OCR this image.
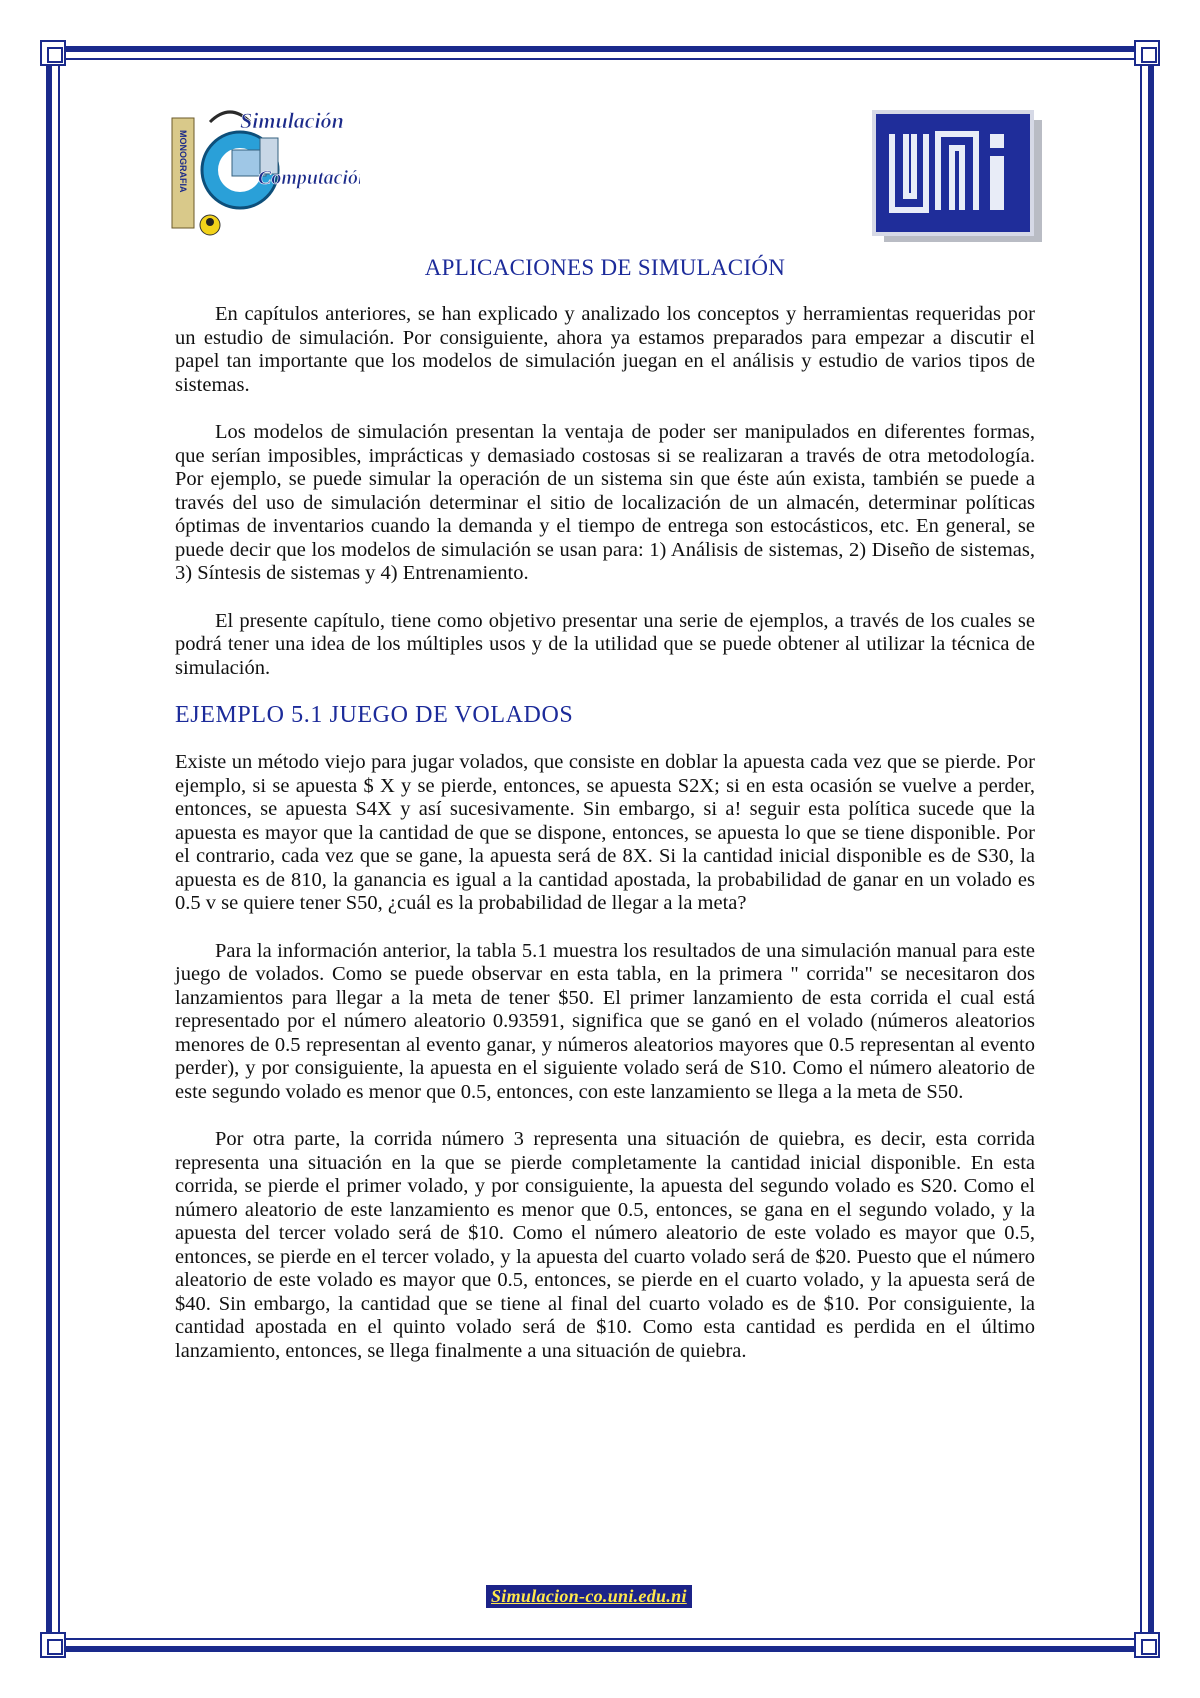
MONOGRAFIA
Simulación
Computación
APLICACIONES DE SIMULACIÓN

En capítulos anteriores, se han explicado y analizado los conceptos y herramientas requeridas por un estudio de simulación. Por consiguiente, ahora ya estamos preparados para empezar a discutir el papel tan importante que los modelos de simulación juegan en el análisis y estudio de varios tipos de sistemas.

Los modelos de simulación presentan la ventaja de poder ser manipulados en diferentes formas, que serían imposibles, imprácticas y demasiado costosas si se realizaran a través de otra metodología. Por ejemplo, se puede simular la operación de un sistema sin que éste aún exista, también se puede a través del uso de simulación determinar el sitio de localización de un almacén, determinar políticas óptimas de inventarios cuando la demanda y el tiempo de entrega son estocásticos, etc. En general, se puede decir que los modelos de simulación se usan para: 1) Análisis de sistemas, 2) Diseño de sistemas, 3) Síntesis de sistemas y 4) Entrenamiento.

El presente capítulo, tiene como objetivo presentar una serie de ejemplos, a través de los cuales se podrá tener una idea de los múltiples usos y de la utilidad que se puede obtener al utilizar la técnica de simulación.

EJEMPLO 5.1 JUEGO DE VOLADOS

Existe un método viejo para jugar volados, que consiste en doblar la apuesta cada vez que se pierde. Por ejemplo, si se apuesta $ X y se pierde, entonces, se apuesta S2X; si en esta ocasión se vuelve a perder, entonces, se apuesta S4X y así sucesivamente. Sin embargo, si a! seguir esta política sucede que la apuesta es mayor que la cantidad de que se dispone, entonces, se apuesta lo que se tiene disponible. Por el contrario, cada vez que se gane, la apuesta será de 8X. Si la cantidad inicial disponible es de S30, la apuesta es de 810, la ganancia es igual a la cantidad apostada, la probabilidad de ganar en un volado es 0.5 v se quiere tener S50, ¿cuál es la probabilidad de llegar a la meta?

Para la información anterior, la tabla 5.1 muestra los resultados de una simulación manual para este juego de volados. Como se puede observar en esta tabla, en la primera " corrida" se necesitaron dos lanzamientos para llegar a la meta de tener $50. El primer lanzamiento de esta corrida el cual está representado por el número aleatorio 0.93591, significa que se ganó en el volado (números aleatorios menores de 0.5 representan al evento ganar, y números aleatorios mayores que 0.5 representan al evento perder), y por consiguiente, la apuesta en el siguiente volado será de S10. Como el número aleatorio de este segundo volado es menor que 0.5, entonces, con este lanzamiento se llega a la meta de S50.

Por otra parte, la corrida número 3 representa una situación de quiebra, es decir, esta corrida representa una situación en la que se pierde completamente la cantidad inicial disponible. En esta corrida, se pierde el primer volado, y por consiguiente, la apuesta del segundo volado es S20. Como el número aleatorio de este lanzamiento es menor que 0.5, entonces, se gana en el segundo volado, y la apuesta del tercer volado será de $10. Como el número aleatorio de este volado es mayor que 0.5, entonces, se pierde en el tercer volado, y la apuesta del cuarto volado será de $20. Puesto que el número aleatorio de este volado es mayor que 0.5, entonces, se pierde en el cuarto volado, y la apuesta será de $40. Sin embargo, la cantidad que se tiene al final del cuarto volado es de $10. Por consiguiente, la cantidad apostada en el quinto volado será de $10. Como esta cantidad es perdida en el último lanzamiento, entonces, se llega finalmente a una situación de quiebra.

Simulacion-co.uni.edu.ni
